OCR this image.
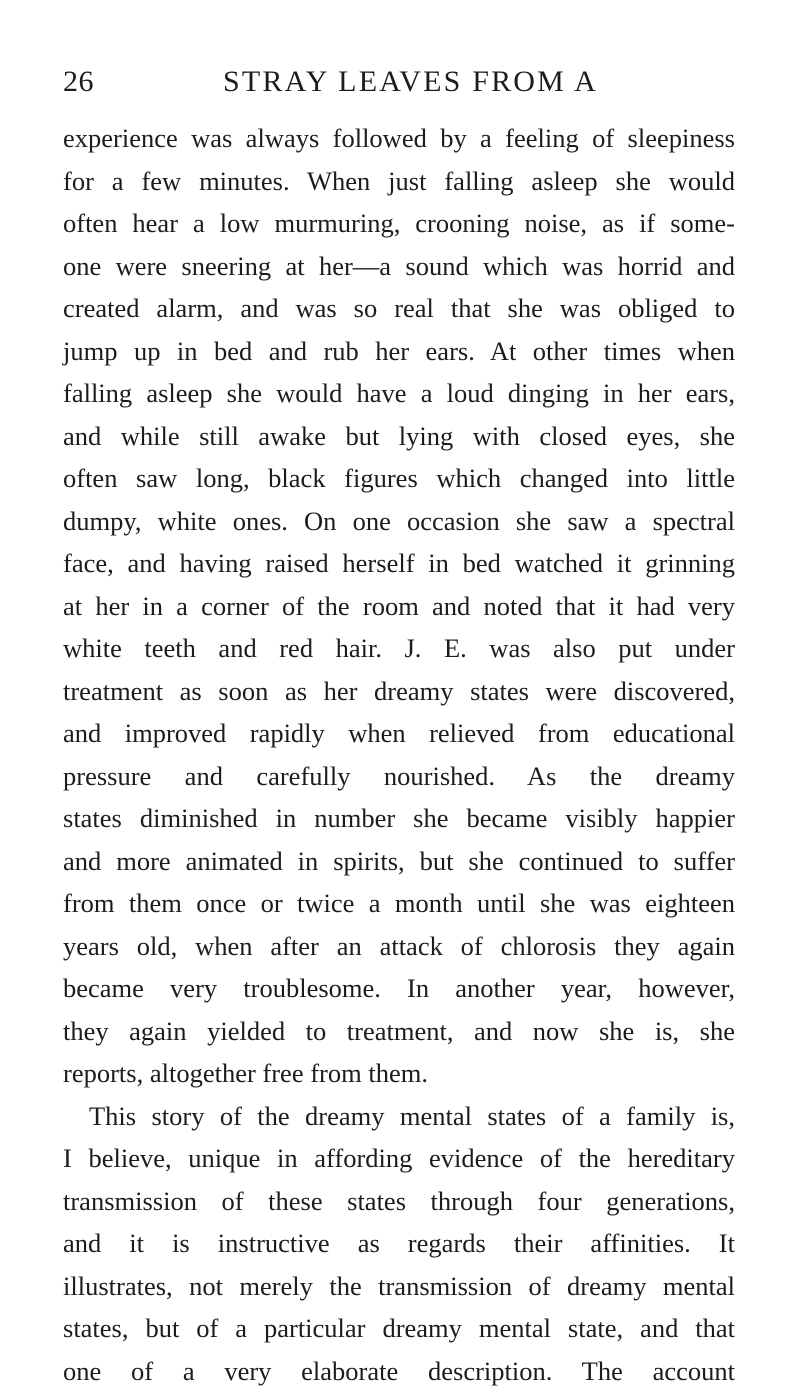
26	STRAY LEAVES FROM A
experience was always followed by a feeling of sleepiness
for a few minutes. When just falling asleep she would
often hear a low murmuring, crooning noise, as if some-
one were sneering at her—a sound which was horrid and
created alarm, and was so real that she was obliged to
jump up in bed and rub her ears. At other times when
falling asleep she would have a loud dinging in her ears,
and while still awake but lying with closed eyes, she
often saw long, black figures which changed into little
dumpy, white ones. On one occasion she saw a spectral
face, and having raised herself in bed watched it grinning
at her in a corner of the room and noted that it had very
white teeth and red hair. J. E. was also put under
treatment as soon as her dreamy states were discovered,
and improved rapidly when relieved from educational
pressure and carefully nourished. As the dreamy
states diminished in number she became visibly happier
and more animated in spirits, but she continued to suffer
from them once or twice a month until she was eighteen
years old, when after an attack of chlorosis they again
became very troublesome. In another year, however,
they again yielded to treatment, and now she is, she
reports, altogether free from them.
This story of the dreamy mental states of a family is,
I believe, unique in affording evidence of the hereditary
transmission of these states through four generations,
and it is instructive as regards their affinities. It
illustrates, not merely the transmission of dreamy mental
states, but of a particular dreamy mental state, and that
one of a very elaborate description. The account
